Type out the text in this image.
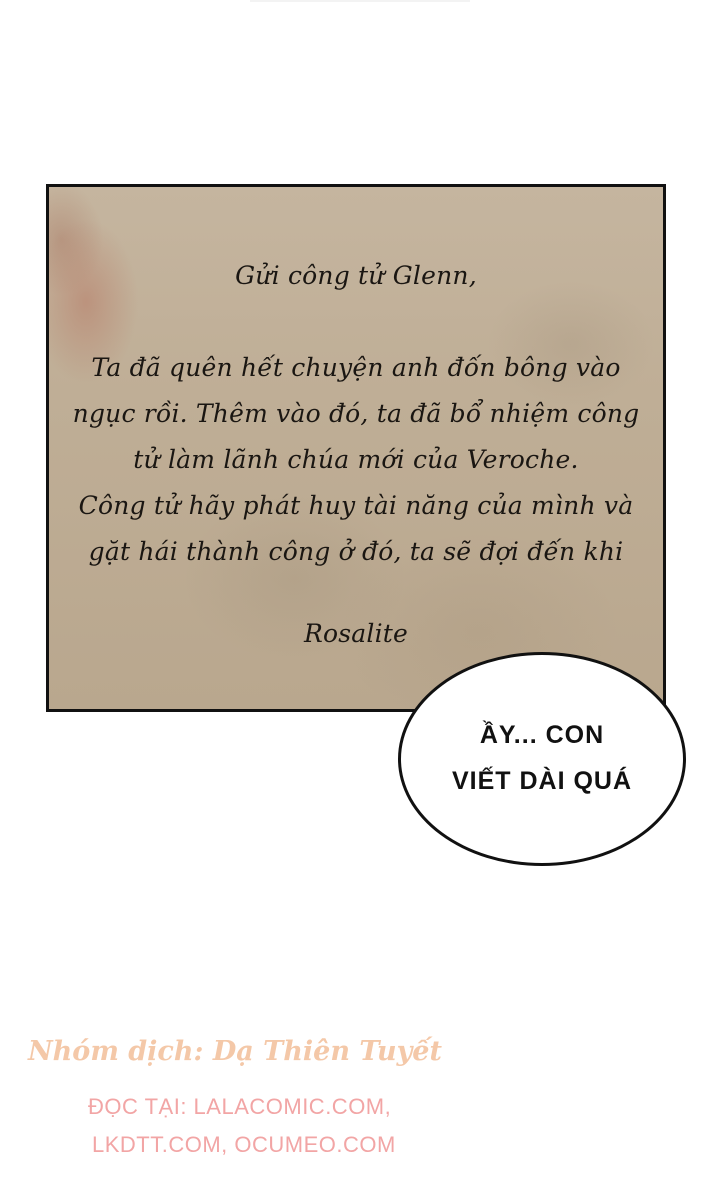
Gửi công tử Glenn,
Ta đã quên hết chuyện anh đốn bông vào
ngục rồi. Thêm vào đó, ta đã bổ nhiệm công
tử làm lãnh chúa mới của Veroche.
Công tử hãy phát huy tài năng của mình và
gặt hái thành công ở đó, ta sẽ đợi đến khi
Rosalite
ẦY... CON
VIẾT DÀI QUÁ
Nhóm dịch: Dạ Thiên Tuyết
ĐỌC TẠI: LALACOMIC.COM,
LKDTT.COM, OCUMEO.COM
